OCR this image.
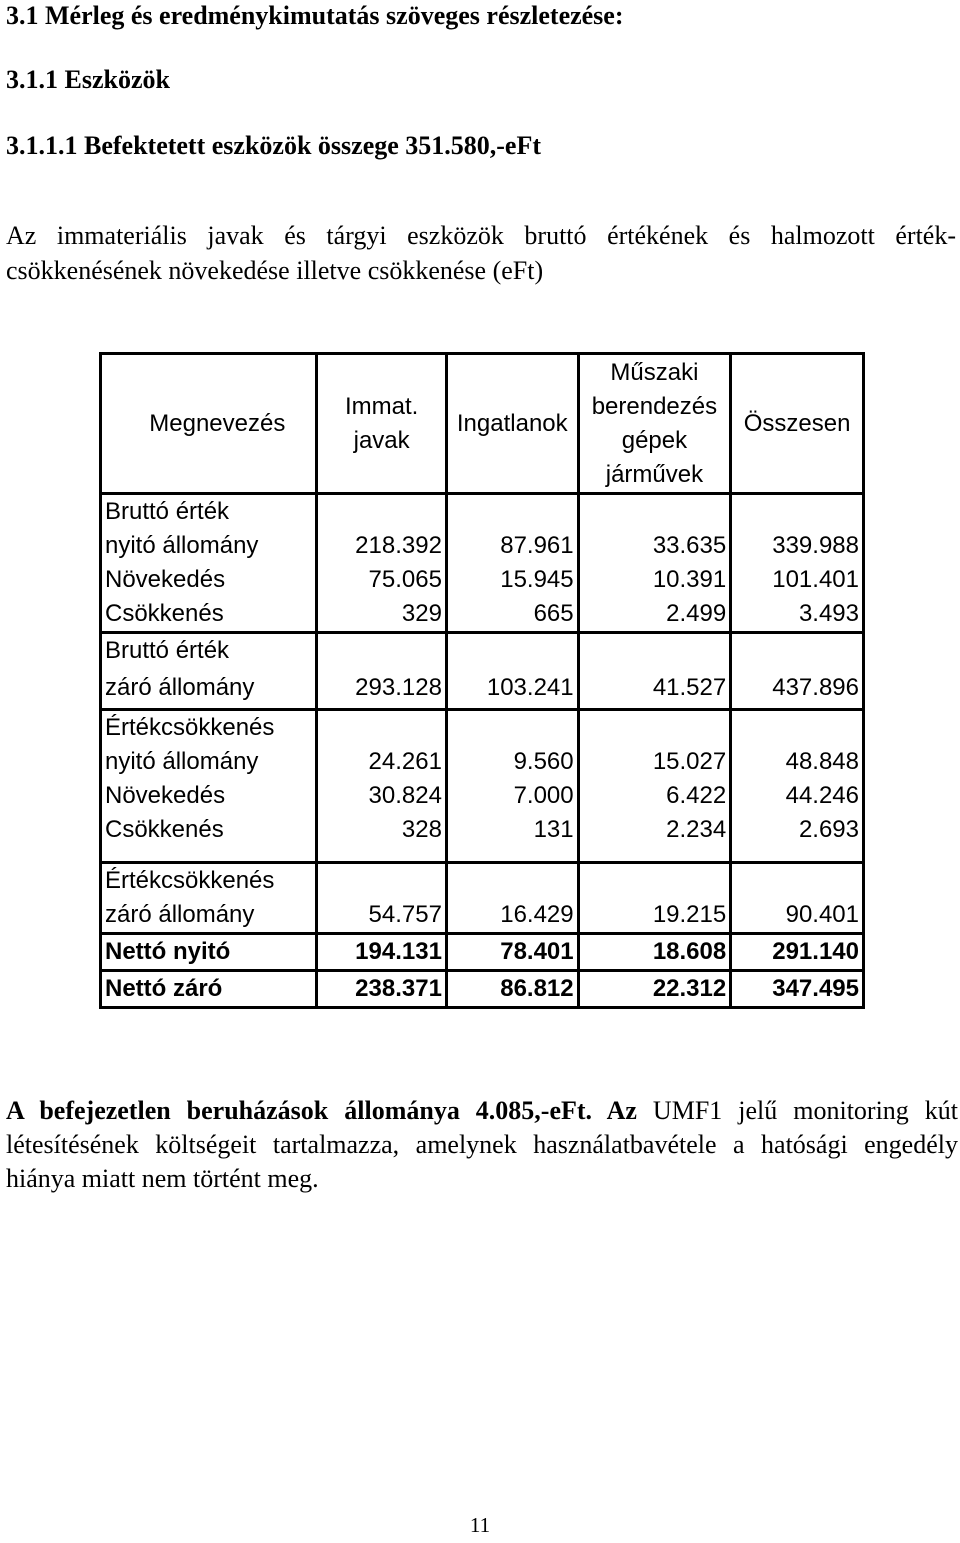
3.1 Mérleg és eredménykimutatás szöveges részletezése:
3.1.1 Eszközök
3.1.1.1 Befektetett eszközök összege 351.580,-eFt
Az immateriális javak és tárgyi eszközök bruttó értékének és halmozott érték-csökkenésének növekedése illetve csökkenése (eFt)
Megnevezés	Immat. javak	Ingatlanok	Műszaki berendezés gépek járművek	Összesen
Bruttó érték				
nyitó állomány	218.392	87.961	33.635	339.988
Növekedés	75.065	15.945	10.391	101.401
Csökkenés	329	665	2.499	3.493
Bruttó érték				
záró állomány	293.128	103.241	41.527	437.896
Értékcsökkenés				
nyitó állomány	24.261	9.560	15.027	48.848
Növekedés	30.824	7.000	6.422	44.246
Csökkenés	328	131	2.234	2.693

Értékcsökkenés				
záró állomány	54.757	16.429	19.215	90.401
Nettó nyitó	194.131	78.401	18.608	291.140
Nettó záró	238.371	86.812	22.312	347.495
A befejezetlen beruházások állománya 4.085,-eFt. Az UMF1 jelű monitoring kút létesítésének költségeit tartalmazza, amelynek használatbavétele a hatósági engedély hiánya miatt nem történt meg.
11
